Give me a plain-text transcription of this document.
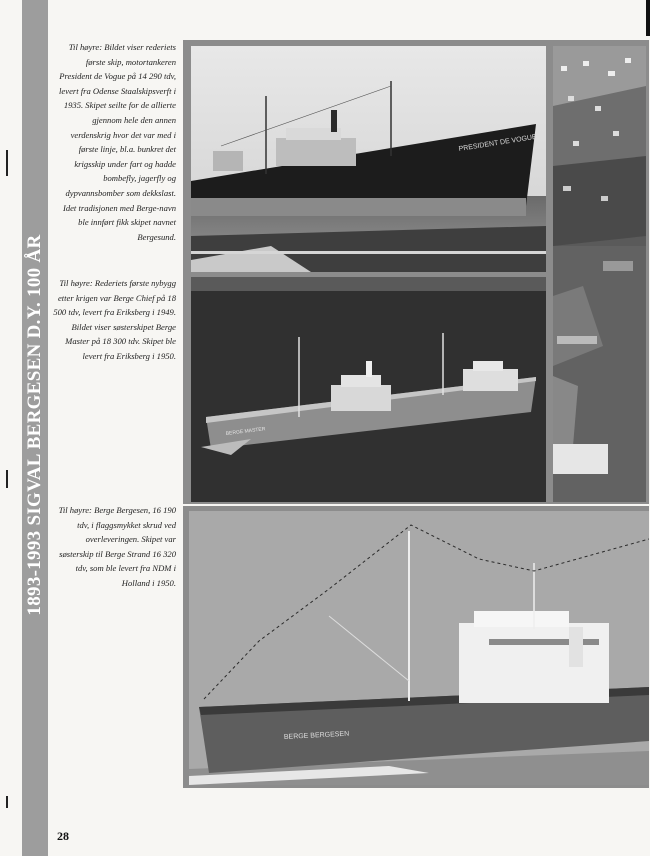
1893-1993 SIGVAL BERGESEN D.Y. 100 ÅR
Til høyre: Bildet viser rederiets første skip, motortankeren President de Vogue på 14 290 tdv, levert fra Odense Staalskipsverft i 1935. Skipet seilte for de allierte gjennom hele den annen verdenskrig hvor det var med i første linje, bl.a. bunkret det krigsskip under fart og hadde bombefly, jagerfly og dypvannsbomber som dekkslast. Idet tradisjonen med Berge-navn ble innført fikk skipet navnet Bergesund.
Til høyre: Rederiets første nybygg etter krigen var Berge Chief på 18 500 tdv, levert fra Eriksberg i 1949. Bildet viser søsterskipet Berge Master på 18 300 tdv. Skipet ble levert fra Eriksberg i 1950.
Til høyre: Berge Bergesen, 16 190 tdv, i flaggsmykket skrud ved overleveringen. Skipet var søsterskip til Berge Strand 16 320 tdv, som ble levert fra NDM i Holland i 1950.
PRESIDENT DE VOGUE
BERGE MASTER
BERGE BERGESEN
28
